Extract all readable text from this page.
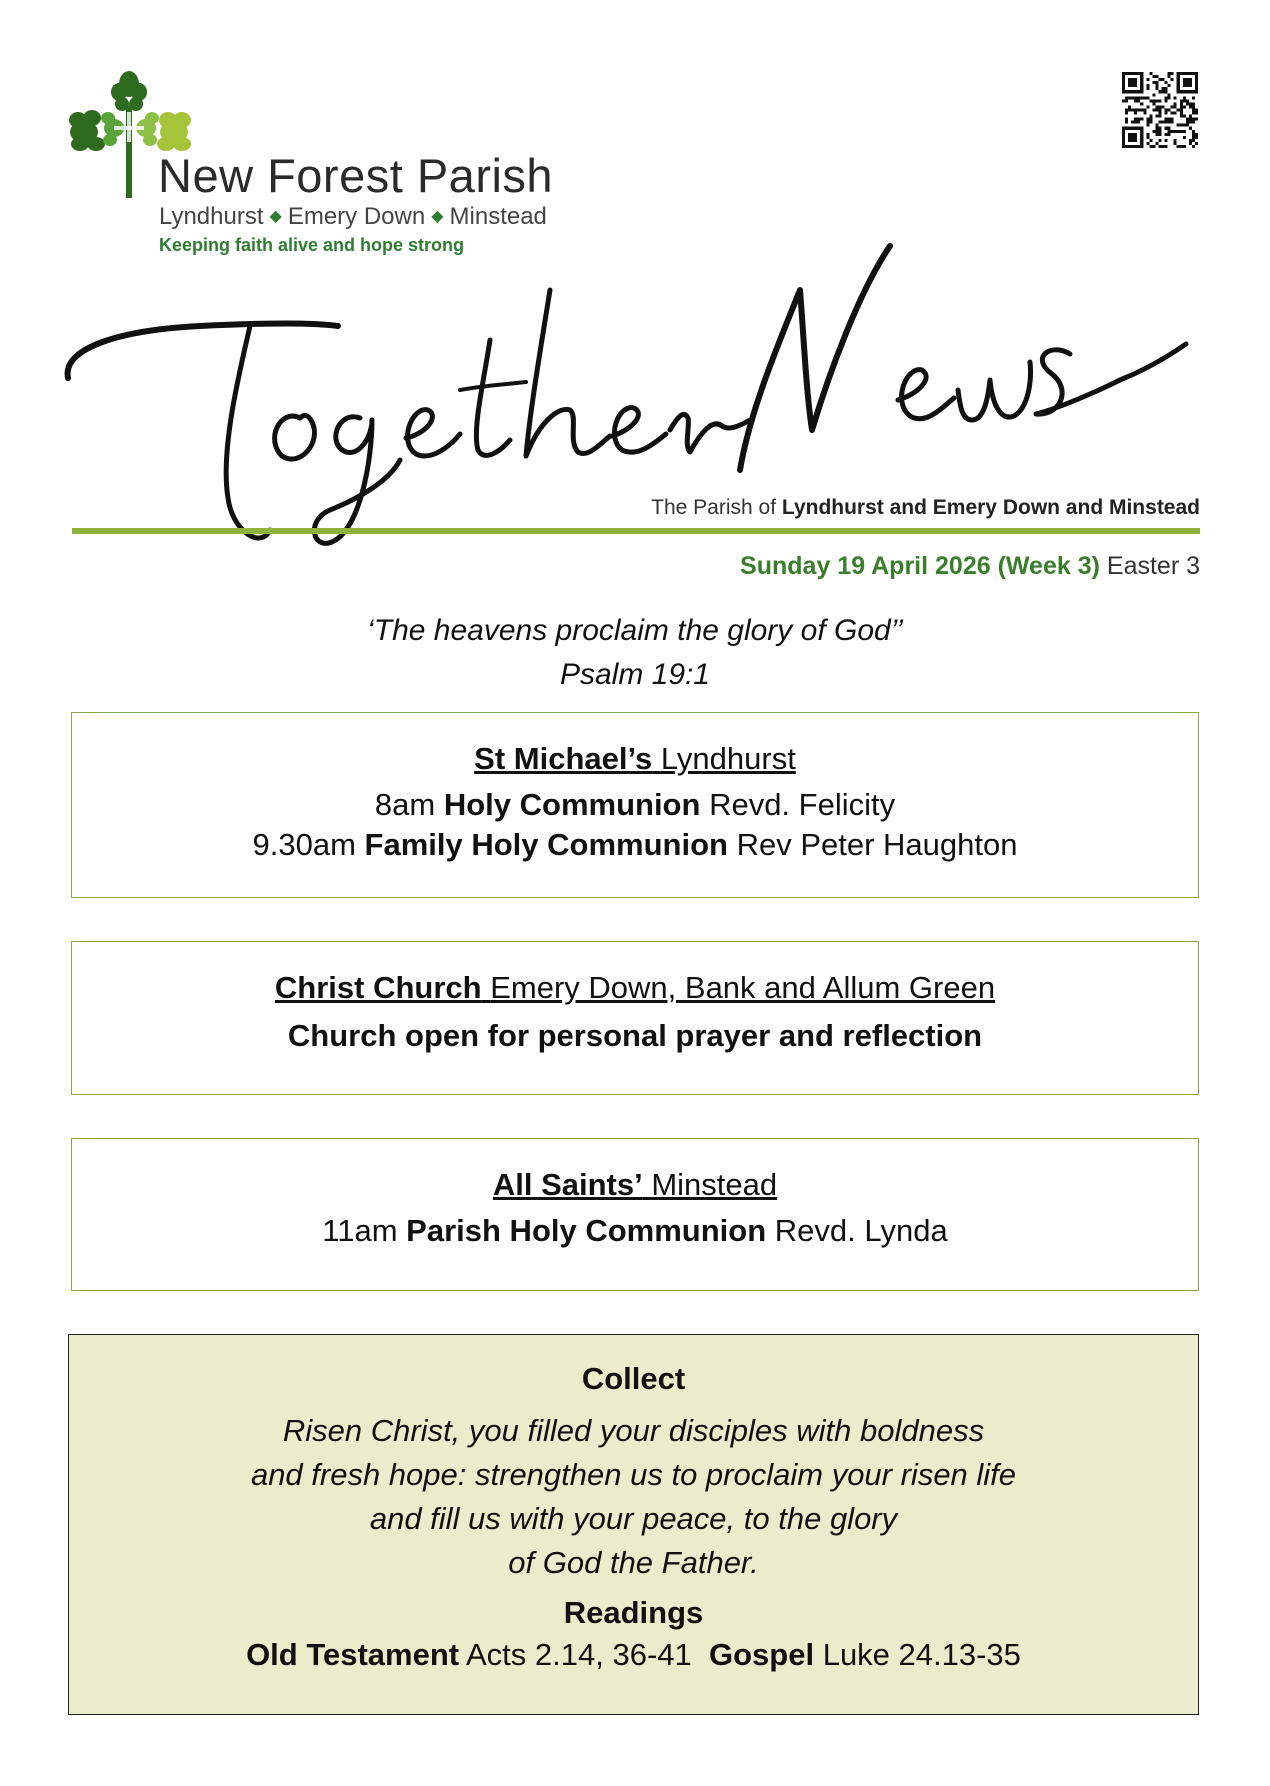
New Forest Parish
Lyndhurst ◆ Emery Down ◆ Minstead
Keeping faith alive and hope strong
The Parish of Lyndhurst and Emery Down and Minstead
Sunday 19 April 2026 (Week 3) Easter 3
‘The heavens proclaim the glory of God’’
Psalm 19:1
St Michael’s Lyndhurst
8am Holy Communion Revd. Felicity
9.30am Family Holy Communion Rev Peter Haughton
Christ Church Emery Down, Bank and Allum Green
Church open for personal prayer and reflection
All Saints’ Minstead
11am Parish Holy Communion Revd. Lynda
Collect
Risen Christ, you filled your disciples with boldness
and fresh hope: strengthen us to proclaim your risen life
and fill us with your peace, to the glory
of God the Father.
Readings
Old Testament Acts 2.14, 36-41 Gospel Luke 24.13-35
